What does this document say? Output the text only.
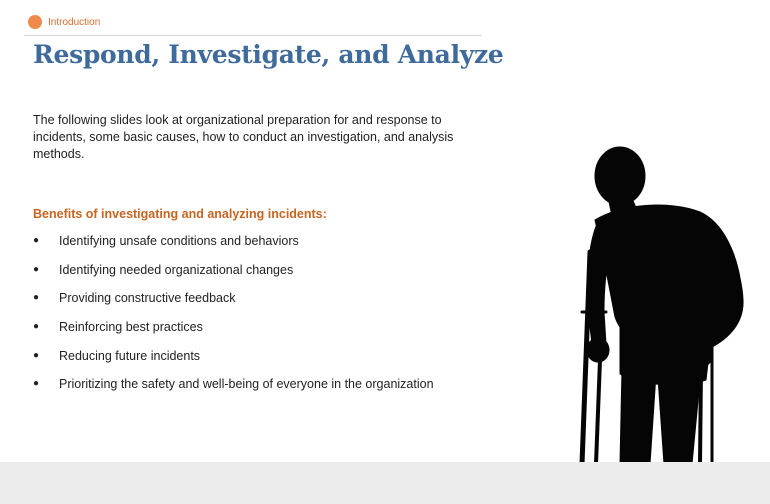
Introduction
Respond, Investigate, and Analyze

The following slides look at organizational preparation for and response to incidents, some basic causes, how to conduct an investigation, and analysis methods.

Benefits of investigating and analyzing incidents:

●	Identifying unsafe conditions and behaviors
●	Identifying needed organizational changes
●	Providing constructive feedback
●	Reinforcing best practices
●	Reducing future incidents
●	Prioritizing the safety and well-being of everyone in the organization
